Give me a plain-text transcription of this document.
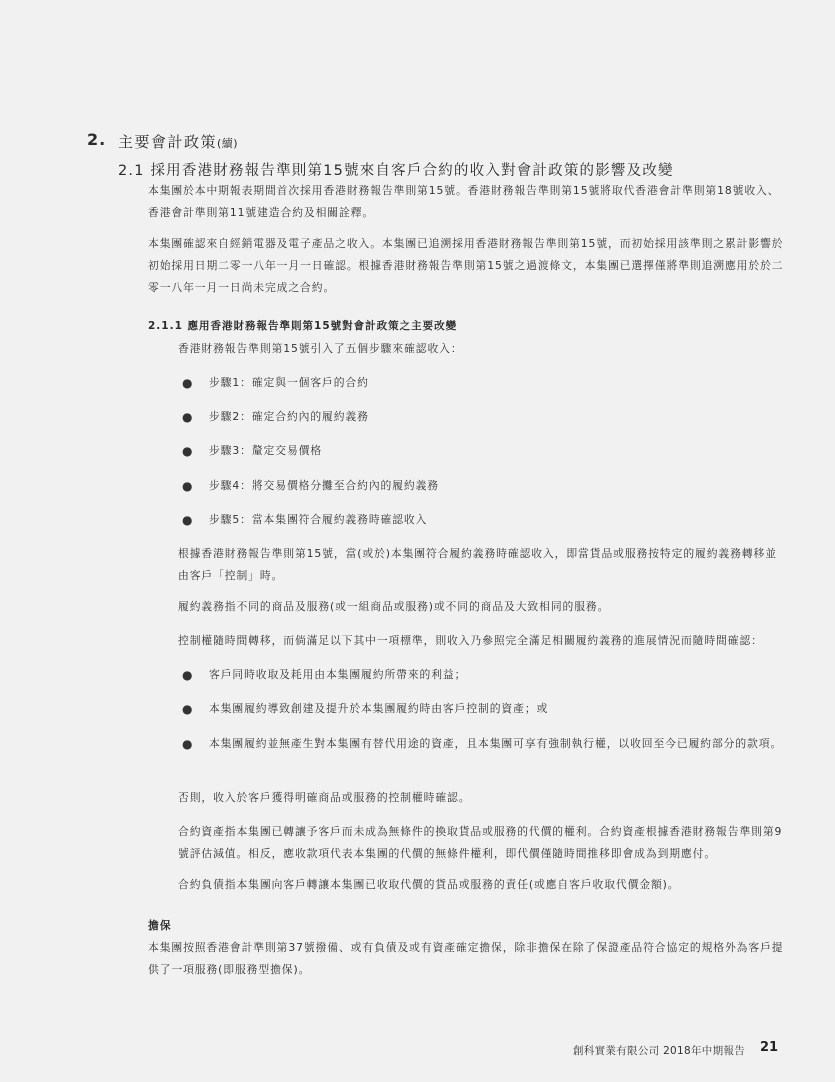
2. 主要會計政策(續)
2.1 採用香港財務報告準則第15號來自客戶合約的收入對會計政策的影響及改變
本集團於本中期報表期間首次採用香港財務報告準則第15號。香港財務報告準則第15號將取代香港會計準則第18號收入、香港會計準則第11號建造合約及相關詮釋。
本集團確認來自經銷電器及電子產品之收入。本集團已追溯採用香港財務報告準則第15號，而初始採用該準則之累計影響於初始採用日期二零一八年一月一日確認。根據香港財務報告準則第15號之過渡條文，本集團已選擇僅將準則追溯應用於於二零一八年一月一日尚未完成之合約。
2.1.1 應用香港財務報告準則第15號對會計政策之主要改變
香港財務報告準則第15號引入了五個步驟來確認收入：
● 步驟1：確定與一個客戶的合約
● 步驟2：確定合約內的履約義務
● 步驟3：釐定交易價格
● 步驟4：將交易價格分攤至合約內的履約義務
● 步驟5：當本集團符合履約義務時確認收入
根據香港財務報告準則第15號，當(或於)本集團符合履約義務時確認收入，即當貨品或服務按特定的履約義務轉移並由客戶「控制」時。
履約義務指不同的商品及服務(或一組商品或服務)或不同的商品及大致相同的服務。
控制權隨時間轉移，而倘滿足以下其中一項標準，則收入乃參照完全滿足相關履約義務的進展情況而隨時間確認：
● 客戶同時收取及耗用由本集團履約所帶來的利益；
● 本集團履約導致創建及提升於本集團履約時由客戶控制的資產；或
● 本集團履約並無產生對本集團有替代用途的資產，且本集團可享有強制執行權，以收回至今已履約部分的款項。
否則，收入於客戶獲得明確商品或服務的控制權時確認。
合約資產指本集團已轉讓予客戶而未成為無條件的換取貨品或服務的代價的權利。合約資產根據香港財務報告準則第9號評估減值。相反，應收款項代表本集團的代價的無條件權利，即代價僅隨時間推移即會成為到期應付。
合約負債指本集團向客戶轉讓本集團已收取代價的貨品或服務的責任(或應自客戶收取代價金額)。
擔保
本集團按照香港會計準則第37號撥備、或有負債及或有資產確定擔保，除非擔保在除了保證產品符合協定的規格外為客戶提供了一項服務(即服務型擔保)。
創科實業有限公司 2018年中期報告 21
